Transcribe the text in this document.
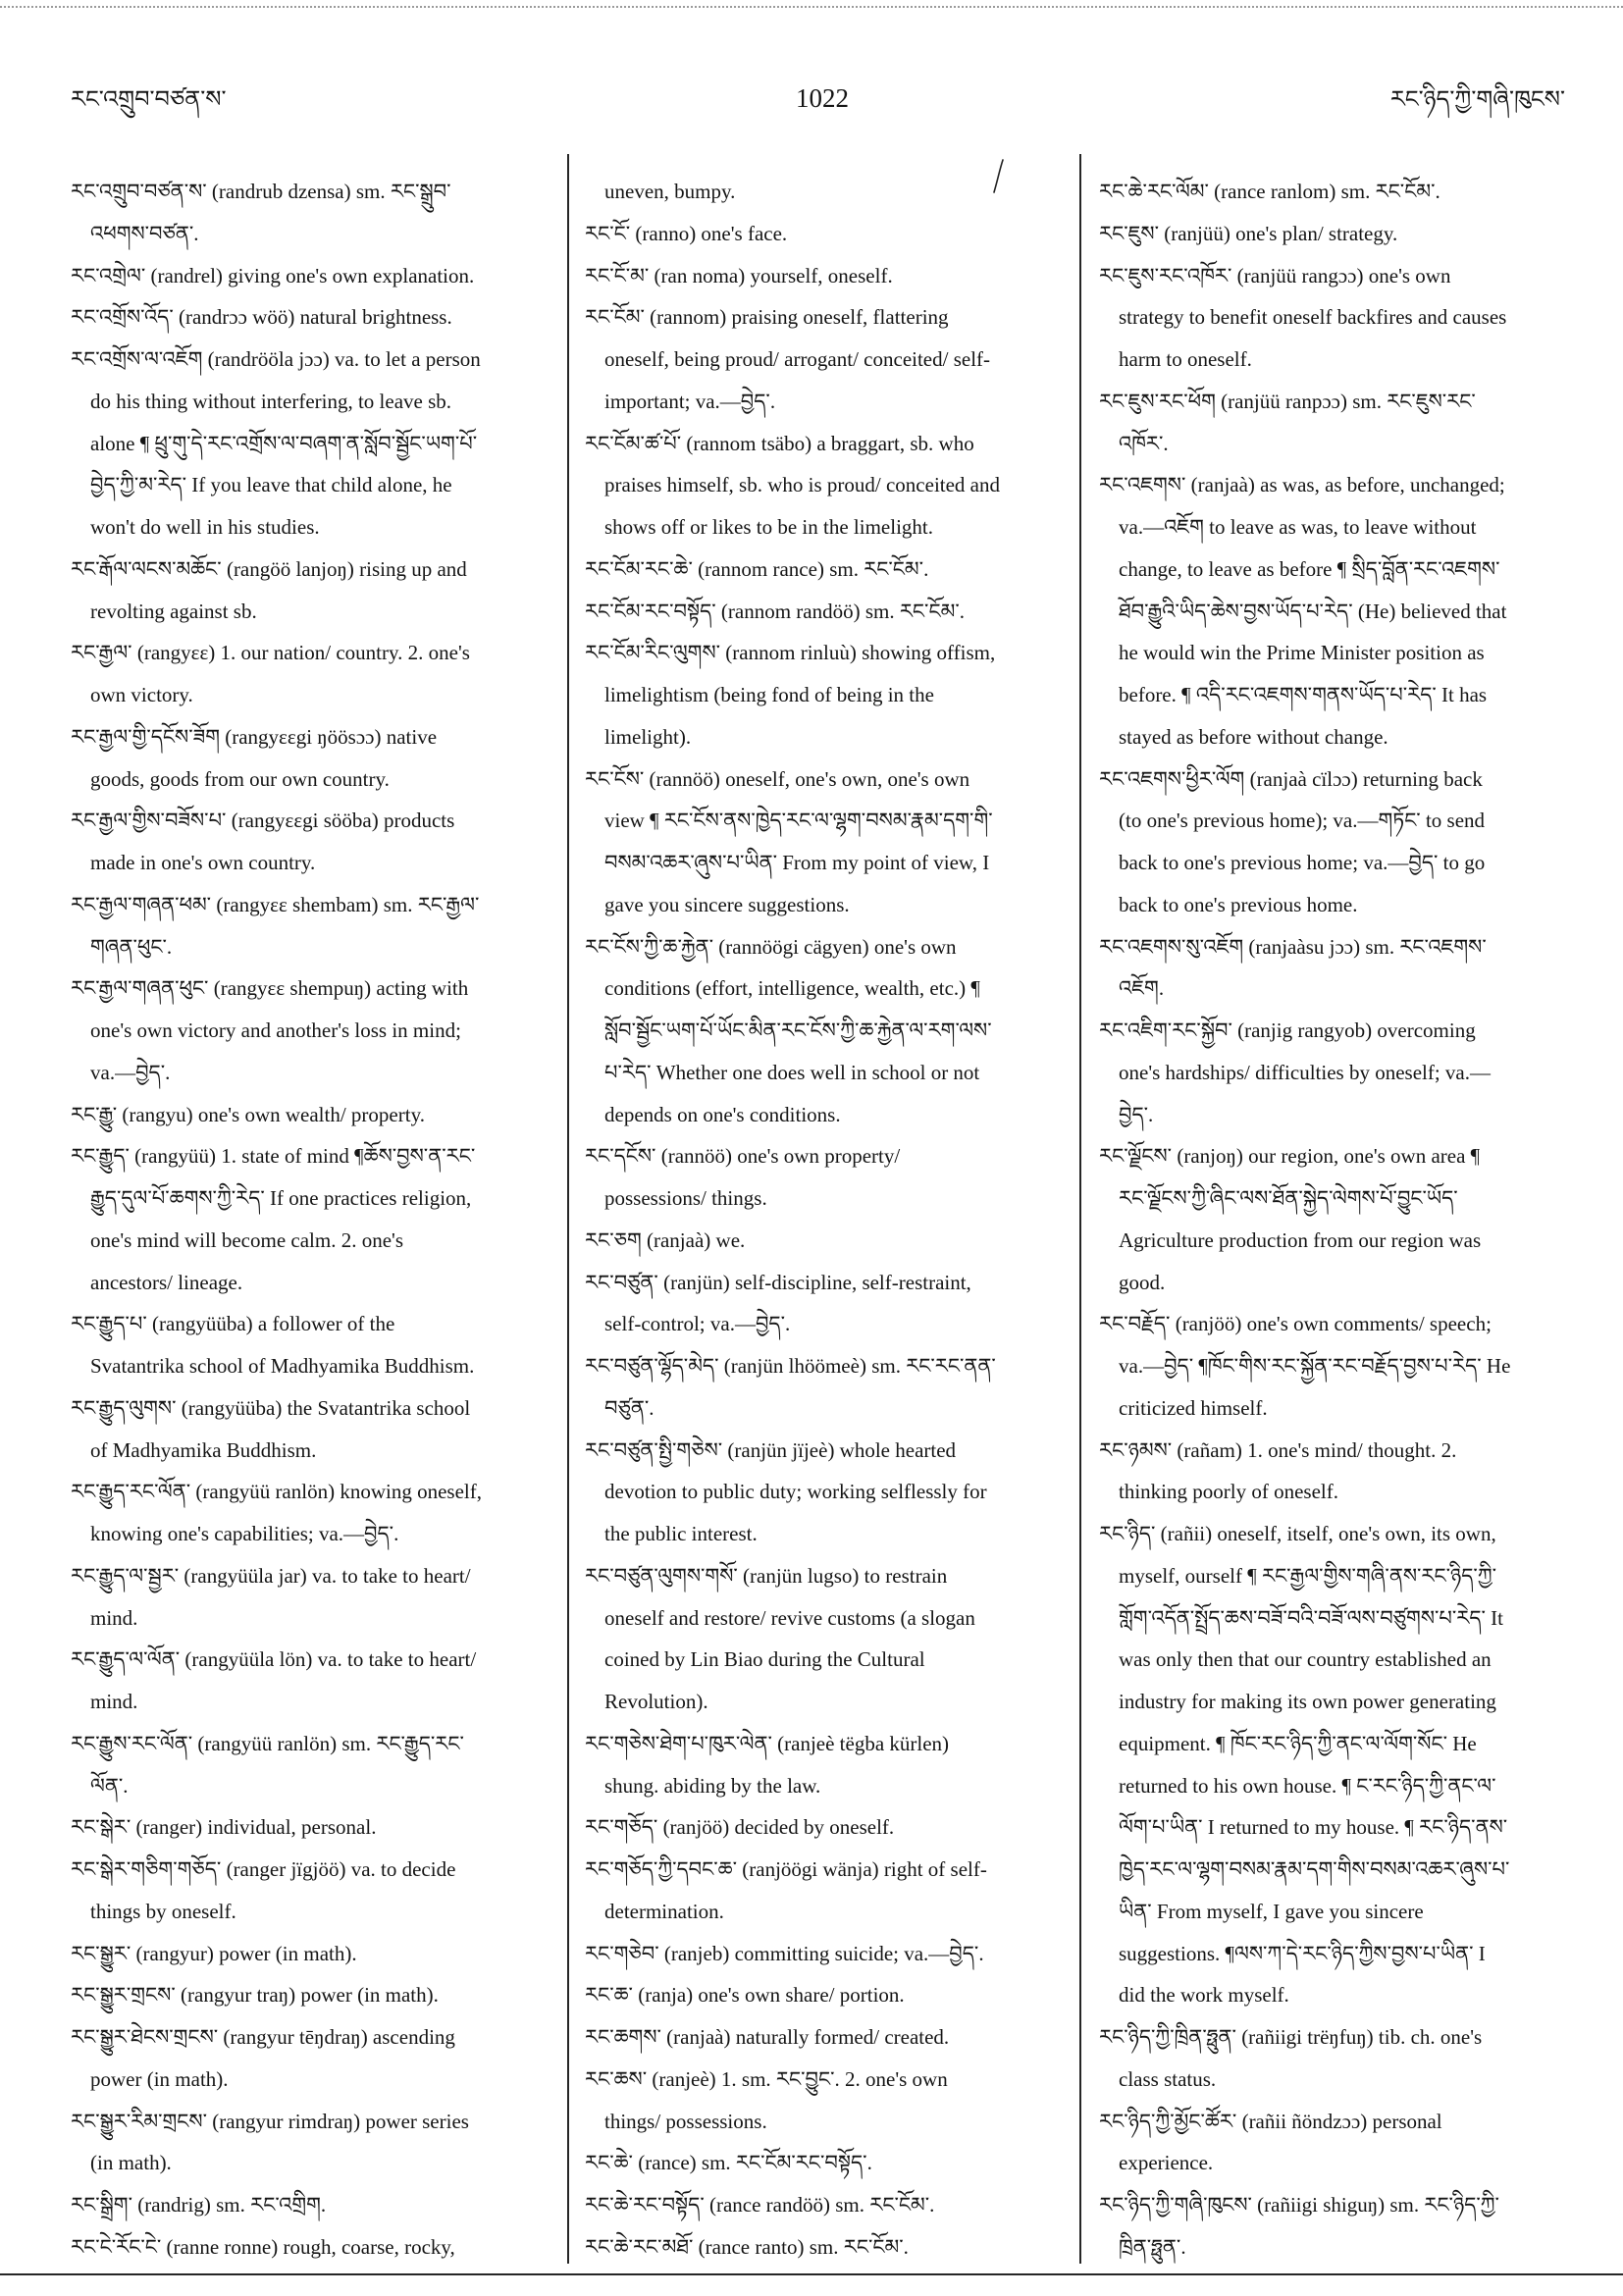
རང་འགྲུབ་བཙན་ས་	1022	རང་ཉིད་ཀྱི་གཞི་ཁུངས་
རང་འགྲུབ་བཙན་ས་ (randrub dzensa) sm. རང་སྒྲུབ་
འཕགས་བཙན་.
རང་འགྲེལ་ (randrel) giving one's own explanation.
རང་འགྲོས་འོད་ (randrɔɔ wöö) natural brightness.
རང་འགྲོས་ལ་འཇོག (randrööla jɔɔ) va. to let a person
do his thing without interfering, to leave sb.
alone ¶ ཕྲུ་གུ་དེ་རང་འགྲོས་ལ་བཞག་ན་སློབ་སྦྱོང་ཡག་པོ་
བྱེད་ཀྱི་མ་རེད་ If you leave that child alone, he
won't do well in his studies.
རང་རྒོལ་ལངས་མཆོང་ (rangöö lanjoŋ) rising up and
revolting against sb.
རང་རྒྱལ་ (rangyɛɛ) 1. our nation/ country. 2. one's
own victory.
རང་རྒྱལ་གྱི་དངོས་ཟོག (rangyɛɛgi ŋöösɔɔ) native
goods, goods from our own country.
རང་རྒྱལ་གྱིས་བཟོས་པ་ (rangyɛɛgi sööba) products
made in one's own country.
རང་རྒྱལ་གཞན་ཕམ་ (rangyɛɛ shembam) sm. རང་རྒྱལ་
གཞན་ཕུང་.
རང་རྒྱལ་གཞན་ཕུང་ (rangyɛɛ shempuŋ) acting with
one's own victory and another's loss in mind;
va.—བྱེད་.
རང་རྒྱུ་ (rangyu) one's own wealth/ property.
རང་རྒྱུད་ (rangyüü) 1. state of mind ¶ཆོས་བྱས་ན་རང་
རྒྱུད་དུལ་པོ་ཆགས་ཀྱི་རེད་ If one practices religion,
one's mind will become calm. 2. one's
ancestors/ lineage.
རང་རྒྱུད་པ་ (rangyüüba) a follower of the
Svatantrika school of Madhyamika Buddhism.
རང་རྒྱུད་ལུགས་ (rangyüüba) the Svatantrika school
of Madhyamika Buddhism.
རང་རྒྱུད་རང་ལོན་ (rangyüü ranlön) knowing oneself,
knowing one's capabilities; va.—བྱེད་.
རང་རྒྱུད་ལ་སྦྱར་ (rangyüüla jar) va. to take to heart/
mind.
རང་རྒྱུད་ལ་ལོན་ (rangyüüla lön) va. to take to heart/
mind.
རང་རྒྱུས་རང་ལོན་ (rangyüü ranlön) sm. རང་རྒྱུད་རང་
ལོན་.
རང་སྒེར་ (ranger) individual, personal.
རང་སྒེར་གཅིག་གཅོད་ (ranger jïgjöö) va. to decide
things by oneself.
རང་སྒྱུར་ (rangyur) power (in math).
རང་སྒྱུར་གྲངས་ (rangyur traŋ) power (in math).
རང་སྒྱུར་ཐེངས་གྲངས་ (rangyur tēŋdraŋ) ascending
power (in math).
རང་སྒྱུར་རིམ་གྲངས་ (rangyur rimdraŋ) power series
(in math).
རང་སྒྲིག་ (randrig) sm. རང་འགྲིག.
རང་ངེ་རོང་ངེ་ (ranne ronne) rough, coarse, rocky,
uneven, bumpy.
རང་ངོ་ (ranno) one's face.
རང་ངོ་མ་ (ran noma) yourself, oneself.
རང་ངོམ་ (rannom) praising oneself, flattering
oneself, being proud/ arrogant/ conceited/ self-
important; va.—བྱེད་.
རང་ངོམ་ཚ་པོ་ (rannom tsäbo) a braggart, sb. who
praises himself, sb. who is proud/ conceited and
shows off or likes to be in the limelight.
རང་ངོམ་རང་ཆེ་ (rannom rance) sm. རང་ངོམ་.
རང་ངོམ་རང་བསྟོད་ (rannom randöö) sm. རང་ངོམ་.
རང་ངོམ་རིང་ལུགས་ (rannom rinluù) showing offism,
limelightism (being fond of being in the
limelight).
རང་ངོས་ (rannöö) oneself, one's own, one's own
view ¶ རང་ངོས་ནས་ཁྱེད་རང་ལ་ལྷག་བསམ་རྣམ་དག་གི་
བསམ་འཆར་ཞུས་པ་ཡིན་ From my point of view, I
gave you sincere suggestions.
རང་ངོས་ཀྱི་ཆ་རྐྱེན་ (rannöögi cägyen) one's own
conditions (effort, intelligence, wealth, etc.) ¶
སློབ་སྦྱོང་ཡག་པོ་ཡོང་མིན་རང་ངོས་ཀྱི་ཆ་རྐྱེན་ལ་རག་ལས་
པ་རེད་ Whether one does well in school or not
depends on one's conditions.
རང་དངོས་ (rannöö) one's own property/
possessions/ things.
རང་ཅག (ranjaà) we.
རང་བཙུན་ (ranjün) self-discipline, self-restraint,
self-control; va.—བྱེད་.
རང་བཙུན་ལྷོད་མེད་ (ranjün lhöömeè) sm. རང་རང་ནན་
བཙུན་.
རང་བཙུན་སྤྱི་གཅེས་ (ranjün jïjeè) whole hearted
devotion to public duty; working selflessly for
the public interest.
རང་བཙུན་ལུགས་གསོ་ (ranjün lugso) to restrain
oneself and restore/ revive customs (a slogan
coined by Lin Biao during the Cultural
Revolution).
རང་གཅེས་ཐེག་པ་ཁུར་ལེན་ (ranjeè tëgba kürlen)
shung. abiding by the law.
རང་གཅོད་ (ranjöö) decided by oneself.
རང་གཅོད་ཀྱི་དབང་ཆ་ (ranjöögi wänja) right of self-
determination.
རང་གཅེབ་ (ranjeb) committing suicide; va.—བྱེད་.
རང་ཆ་ (ranja) one's own share/ portion.
རང་ཆགས་ (ranjaà) naturally formed/ created.
རང་ཆས་ (ranjeè) 1. sm. རང་བྱུང་. 2. one's own
things/ possessions.
རང་ཆེ་ (rance) sm. རང་ངོམ་རང་བསྟོད་.
རང་ཆེ་རང་བསྟོད་ (rance randöö) sm. རང་ངོམ་.
རང་ཆེ་རང་མཐོ་ (rance ranto) sm. རང་ངོམ་.
རང་ཆེ་རང་ལོམ་ (rance ranlom) sm. རང་ངོམ་.
རང་ཇུས་ (ranjüü) one's plan/ strategy.
རང་ཇུས་རང་འཁོར་ (ranjüü rangɔɔ) one's own
strategy to benefit oneself backfires and causes
harm to oneself.
རང་ཇུས་རང་ཕོག (ranjüü ranpɔɔ) sm. རང་ཇུས་རང་
འཁོར་.
རང་འཇགས་ (ranjaà) as was, as before, unchanged;
va.—འཇོག to leave as was, to leave without
change, to leave as before ¶ སྲིད་བློན་རང་འཇགས་
ཐོབ་རྒྱུའི་ཡིད་ཆེས་བྱས་ཡོད་པ་རེད་ (He) believed that
he would win the Prime Minister position as
before. ¶ འདི་རང་འཇགས་གནས་ཡོད་པ་རེད་ It has
stayed as before without change.
རང་འཇགས་ཕྱིར་ལོག (ranjaà cïlɔɔ) returning back
(to one's previous home); va.—གཏོང་ to send
back to one's previous home; va.—བྱེད་ to go
back to one's previous home.
རང་འཇགས་སུ་འཇོག (ranjaàsu jɔɔ) sm. རང་འཇགས་
འཇོག.
རང་འཇིག་རང་སྐྱོབ་ (ranjig rangyob) overcoming
one's hardships/ difficulties by oneself; va.—
བྱེད་.
རང་ལྗོངས་ (ranjoŋ) our region, one's own area ¶
རང་ལྗོངས་ཀྱི་ཞིང་ལས་ཐོན་སྐྱེད་ལེགས་པོ་བྱུང་ཡོད་
Agriculture production from our region was
good.
རང་བརྗོད་ (ranjöö) one's own comments/ speech;
va.—བྱེད་ ¶ཁོང་གིས་རང་སྐྱོན་རང་བརྗོད་བྱས་པ་རེད་ He
criticized himself.
རང་ཉམས་ (rañam) 1. one's mind/ thought. 2.
thinking poorly of oneself.
རང་ཉིད་ (rañii) oneself, itself, one's own, its own,
myself, ourself ¶ རང་རྒྱལ་གྱིས་གཞི་ནས་རང་ཉིད་ཀྱི་
གློག་འདོན་སྤྲོད་ཆས་བཟོ་བའི་བཟོ་ལས་བཙུགས་པ་རེད་ It
was only then that our country established an
industry for making its own power generating
equipment. ¶ ཁོང་རང་ཉིད་ཀྱི་ནང་ལ་ལོག་སོང་ He
returned to his own house. ¶ ང་རང་ཉིད་ཀྱི་ནང་ལ་
ལོག་པ་ཡིན་ I returned to my house. ¶ རང་ཉིད་ནས་
ཁྱེད་རང་ལ་ལྷག་བསམ་རྣམ་དག་གིས་བསམ་འཆར་ཞུས་པ་
ཡིན་ From myself, I gave you sincere
suggestions. ¶ལས་ཀ་དེ་རང་ཉིད་ཀྱིས་བྱས་པ་ཡིན་ I
did the work myself.
རང་ཉིད་ཀྱི་ཁྲིན་ཧྥུན་ (rañiigi trëŋfuŋ) tib. ch. one's
class status.
རང་ཉིད་ཀྱི་མྱོང་ཚོར་ (rañii ñöndzɔɔ) personal
experience.
རང་ཉིད་ཀྱི་གཞི་ཁུངས་ (rañiigi shiguŋ) sm. རང་ཉིད་ཀྱི་
ཁྲིན་ཧྥུན་.
